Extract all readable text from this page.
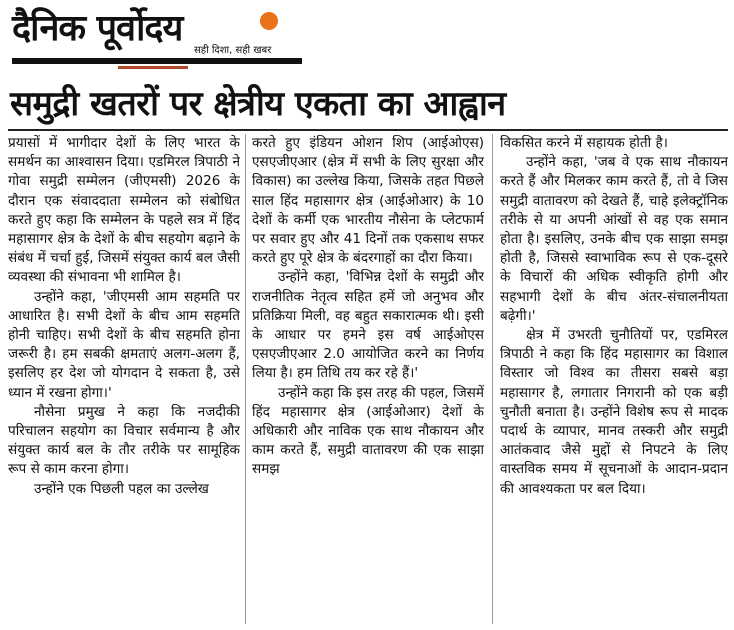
दैनिक पूर्वोदय
सही दिशा, सही खबर
समुद्री खतरों पर क्षेत्रीय एकता का आह्वान

प्रयासों में भागीदार देशों के लिए भारत के समर्थन का आश्वासन दिया। एडमिरल त्रिपाठी ने गोवा समुद्री सम्मेलन (जीएमसी) 2026 के दौरान एक संवाददाता सम्मेलन को संबोधित करते हुए कहा कि सम्मेलन के पहले सत्र में हिंद महासागर क्षेत्र के देशों के बीच सहयोग बढ़ाने के संबंध में चर्चा हुई, जिसमें संयुक्त कार्य बल जैसी व्यवस्था की संभावना भी शामिल है।

उन्होंने कहा, 'जीएमसी आम सहमति पर आधारित है। सभी देशों के बीच आम सहमति होनी चाहिए। सभी देशों के बीच सहमति होना जरूरी है। हम सबकी क्षमताएं अलग-अलग हैं, इसलिए हर देश जो योगदान दे सकता है, उसे ध्यान में रखना होगा।'

नौसेना प्रमुख ने कहा कि नजदीकी परिचालन सहयोग का विचार सर्वमान्य है और संयुक्त कार्य बल के तौर तरीके पर सामूहिक रूप से काम करना होगा।

उन्होंने एक पिछली पहल का उल्लेख

करते हुए इंडियन ओशन शिप (आईओएस) एसएजीएआर (क्षेत्र में सभी के लिए सुरक्षा और विकास) का उल्लेख किया, जिसके तहत पिछले साल हिंद महासागर क्षेत्र (आईओआर) के 10 देशों के कर्मी एक भारतीय नौसेना के प्लेटफार्म पर सवार हुए और 41 दिनों तक एकसाथ सफर करते हुए पूरे क्षेत्र के बंदरगाहों का दौरा किया।

उन्होंने कहा, 'विभिन्न देशों के समुद्री और राजनीतिक नेतृत्व सहित हमें जो अनुभव और प्रतिक्रिया मिली, वह बहुत सकारात्मक थी। इसी के आधार पर हमने इस वर्ष आईओएस एसएजीएआर 2.0 आयोजित करने का निर्णय लिया है। हम तिथि तय कर रहे हैं।'

उन्होंने कहा कि इस तरह की पहल, जिसमें हिंद महासागर क्षेत्र (आईओआर) देशों के अधिकारी और नाविक एक साथ नौकायन और काम करते हैं, समुद्री वातावरण की एक साझा समझ

विकसित करने में सहायक होती है।

उन्होंने कहा, 'जब वे एक साथ नौकायन करते हैं और मिलकर काम करते हैं, तो वे जिस समुद्री वातावरण को देखते हैं, चाहे इलेक्ट्रॉनिक तरीके से या अपनी आंखों से वह एक समान होता है। इसलिए, उनके बीच एक साझा समझ होती है, जिससे स्वाभाविक रूप से एक-दूसरे के विचारों की अधिक स्वीकृति होगी और सहभागी देशों के बीच अंतर-संचालनीयता बढ़ेगी।'

क्षेत्र में उभरती चुनौतियों पर, एडमिरल त्रिपाठी ने कहा कि हिंद महासागर का विशाल विस्तार जो विश्व का तीसरा सबसे बड़ा महासागर है, लगातार निगरानी को एक बड़ी चुनौती बनाता है। उन्होंने विशेष रूप से मादक पदार्थ के व्यापार, मानव तस्करी और समुद्री आतंकवाद जैसे मुद्दों से निपटने के लिए वास्तविक समय में सूचनाओं के आदान-प्रदान की आवश्यकता पर बल दिया।
